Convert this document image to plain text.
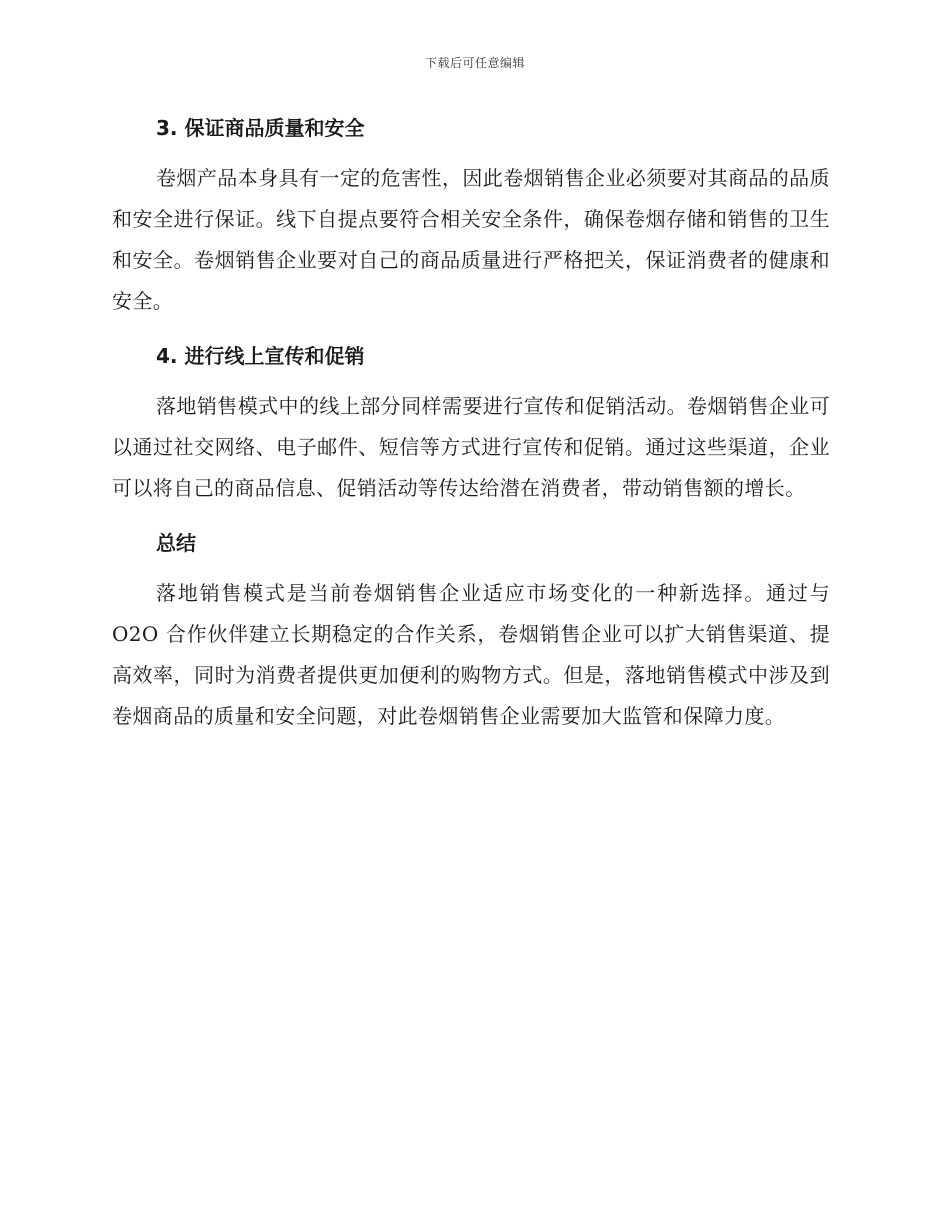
下载后可任意编辑
3. 保证商品质量和安全

卷烟产品本身具有一定的危害性，因此卷烟销售企业必须要对其商品的品质和安全进行保证。线下自提点要符合相关安全条件，确保卷烟存储和销售的卫生和安全。卷烟销售企业要对自己的商品质量进行严格把关，保证消费者的健康和安全。

4. 进行线上宣传和促销

落地销售模式中的线上部分同样需要进行宣传和促销活动。卷烟销售企业可以通过社交网络、电子邮件、短信等方式进行宣传和促销。通过这些渠道，企业可以将自己的商品信息、促销活动等传达给潜在消费者，带动销售额的增长。

总结

落地销售模式是当前卷烟销售企业适应市场变化的一种新选择。通过与O2O 合作伙伴建立长期稳定的合作关系，卷烟销售企业可以扩大销售渠道、提高效率，同时为消费者提供更加便利的购物方式。但是，落地销售模式中涉及到卷烟商品的质量和安全问题，对此卷烟销售企业需要加大监管和保障力度。
